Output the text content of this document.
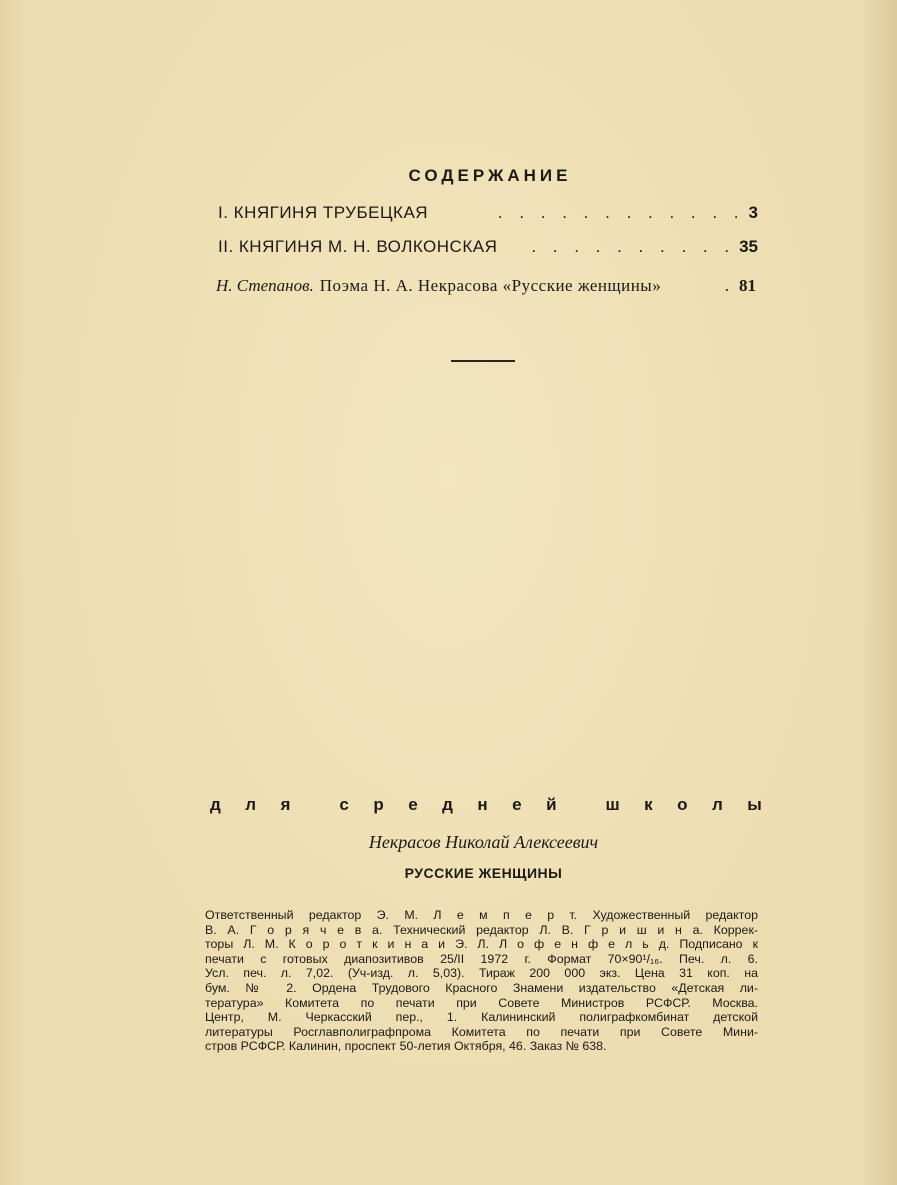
СОДЕРЖАНИЕ
I. КНЯГИНЯ ТРУБЕЦКАЯ	. . . . . . . . . . . . 3
II. КНЯГИНЯ М. Н. ВОЛКОНСКАЯ	. . . . . . . . . . 35
Н. Степанов. Поэма Н. А. Некрасова «Русские женщины»	. 81
д л я	с р е д н е й	ш к о л ы
Некрасов Николай Алексеевич
РУССКИЕ ЖЕНЩИНЫ
Ответственный редактор Э. М. Л е м п е р т. Художественный редактор
В. А. Г о р я ч е в а. Технический редактор Л. В. Г р и ш и н а. Коррек-
торы Л. М. К о р о т к и н а и Э. Л. Л о ф е н ф е л ь д. Подписано к
печати с готовых диапозитивов 25/II 1972 г. Формат 70×90¹/₁₆. Печ. л. 6.
Усл. печ. л. 7,02. (Уч-изд. л. 5,03). Тираж 200 000 экз. Цена 31 коп. на
бум. № 2. Ордена Трудового Красного Знамени издательство «Детская ли-
тература» Комитета по печати при Совете Министров РСФСР. Москва.
Центр, М. Черкасский пер., 1. Калининский полиграфкомбинат детской
литературы Росглавполиграфпрома Комитета по печати при Совете Мини-
стров РСФСР. Калинин, проспект 50-летия Октября, 46. Заказ № 638.
